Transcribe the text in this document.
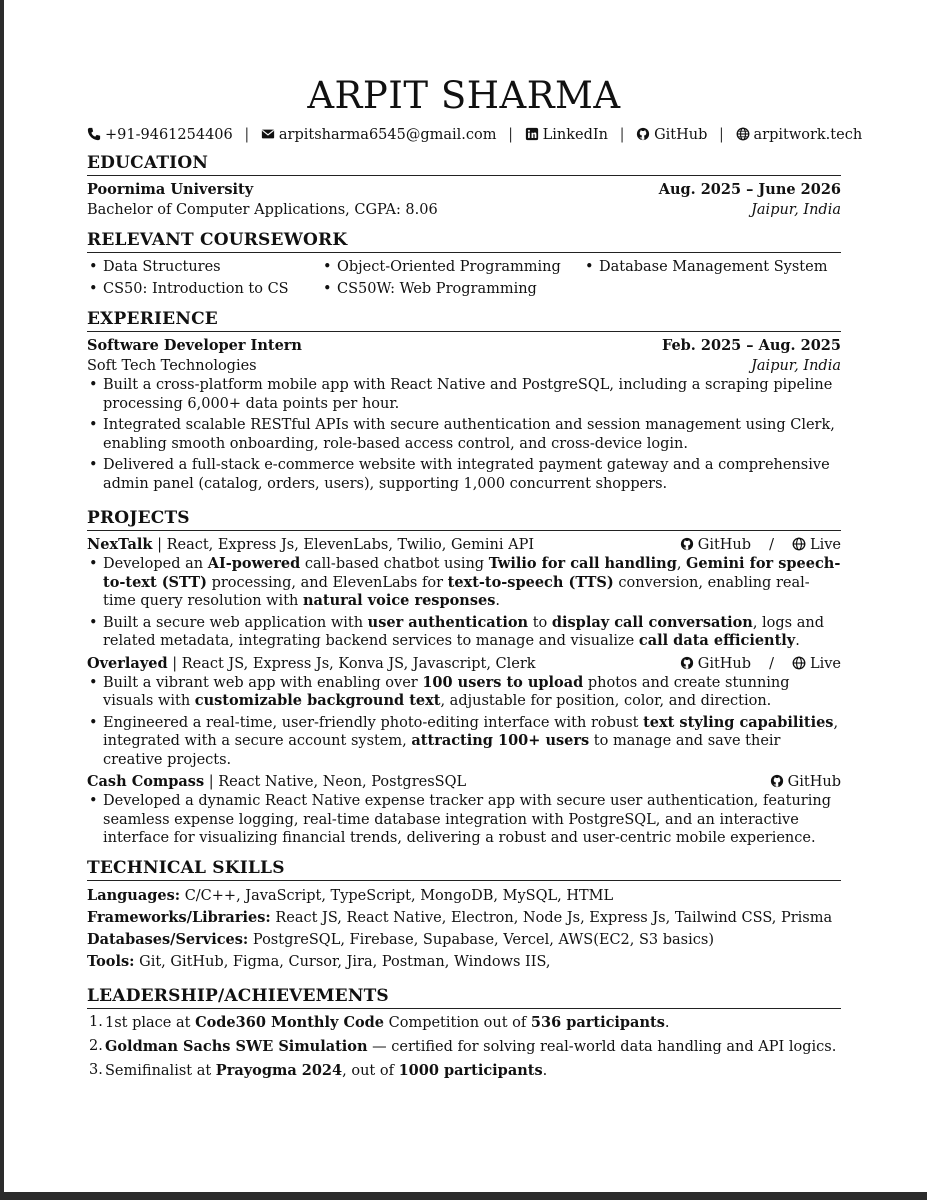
ARPIT SHARMA
+91-9461254406 | arpitsharma6545@gmail.com | LinkedIn | GitHub | arpitwork.tech
EDUCATION
Poornima University	Aug. 2025 – June 2026
Bachelor of Computer Applications, CGPA: 8.06	Jaipur, India
RELEVANT COURSEWORK
• Data Structures	• Object-Oriented Programming	• Database Management System
• CS50: Introduction to CS	• CS50W: Web Programming
EXPERIENCE
Software Developer Intern	Feb. 2025 – Aug. 2025
Soft Tech Technologies	Jaipur, India
• Built a cross-platform mobile app with React Native and PostgreSQL, including a scraping pipeline processing 6,000+ data points per hour.
• Integrated scalable RESTful APIs with secure authentication and session management using Clerk, enabling smooth onboarding, role-based access control, and cross-device login.
• Delivered a full-stack e-commerce website with integrated payment gateway and a comprehensive admin panel (catalog, orders, users), supporting 1,000 concurrent shoppers.
PROJECTS
NexTalk | React, Express Js, ElevenLabs, Twilio, Gemini API	GitHub /	Live
• Developed an AI-powered call-based chatbot using Twilio for call handling, Gemini for speech-to-text (STT) processing, and ElevenLabs for text-to-speech (TTS) conversion, enabling real-time query resolution with natural voice responses.
• Built a secure web application with user authentication to display call conversation, logs and related metadata, integrating backend services to manage and visualize call data efficiently.
Overlayed | React JS, Express Js, Konva JS, Javascript, Clerk	GitHub /	Live
• Built a vibrant web app with enabling over 100 users to upload photos and create stunning visuals with customizable background text, adjustable for position, color, and direction.
• Engineered a real-time, user-friendly photo-editing interface with robust text styling capabilities, integrated with a secure account system, attracting 100+ users to manage and save their creative projects.
Cash Compass | React Native, Neon, PostgresSQL	GitHub
• Developed a dynamic React Native expense tracker app with secure user authentication, featuring seamless expense logging, real-time database integration with PostgreSQL, and an interactive interface for visualizing financial trends, delivering a robust and user-centric mobile experience.
TECHNICAL SKILLS
Languages: C/C++, JavaScript, TypeScript, MongoDB, MySQL, HTML
Frameworks/Libraries: React JS, React Native, Electron, Node Js, Express Js, Tailwind CSS, Prisma
Databases/Services: PostgreSQL, Firebase, Supabase, Vercel, AWS(EC2, S3 basics)
Tools: Git, GitHub, Figma, Cursor, Jira, Postman, Windows IIS,
LEADERSHIP/ACHIEVEMENTS
1. 1st place at Code360 Monthly Code Competition out of 536 participants.
2. Goldman Sachs SWE Simulation — certified for solving real-world data handling and API logics.
3. Semifinalist at Prayogma 2024, out of 1000 participants.
